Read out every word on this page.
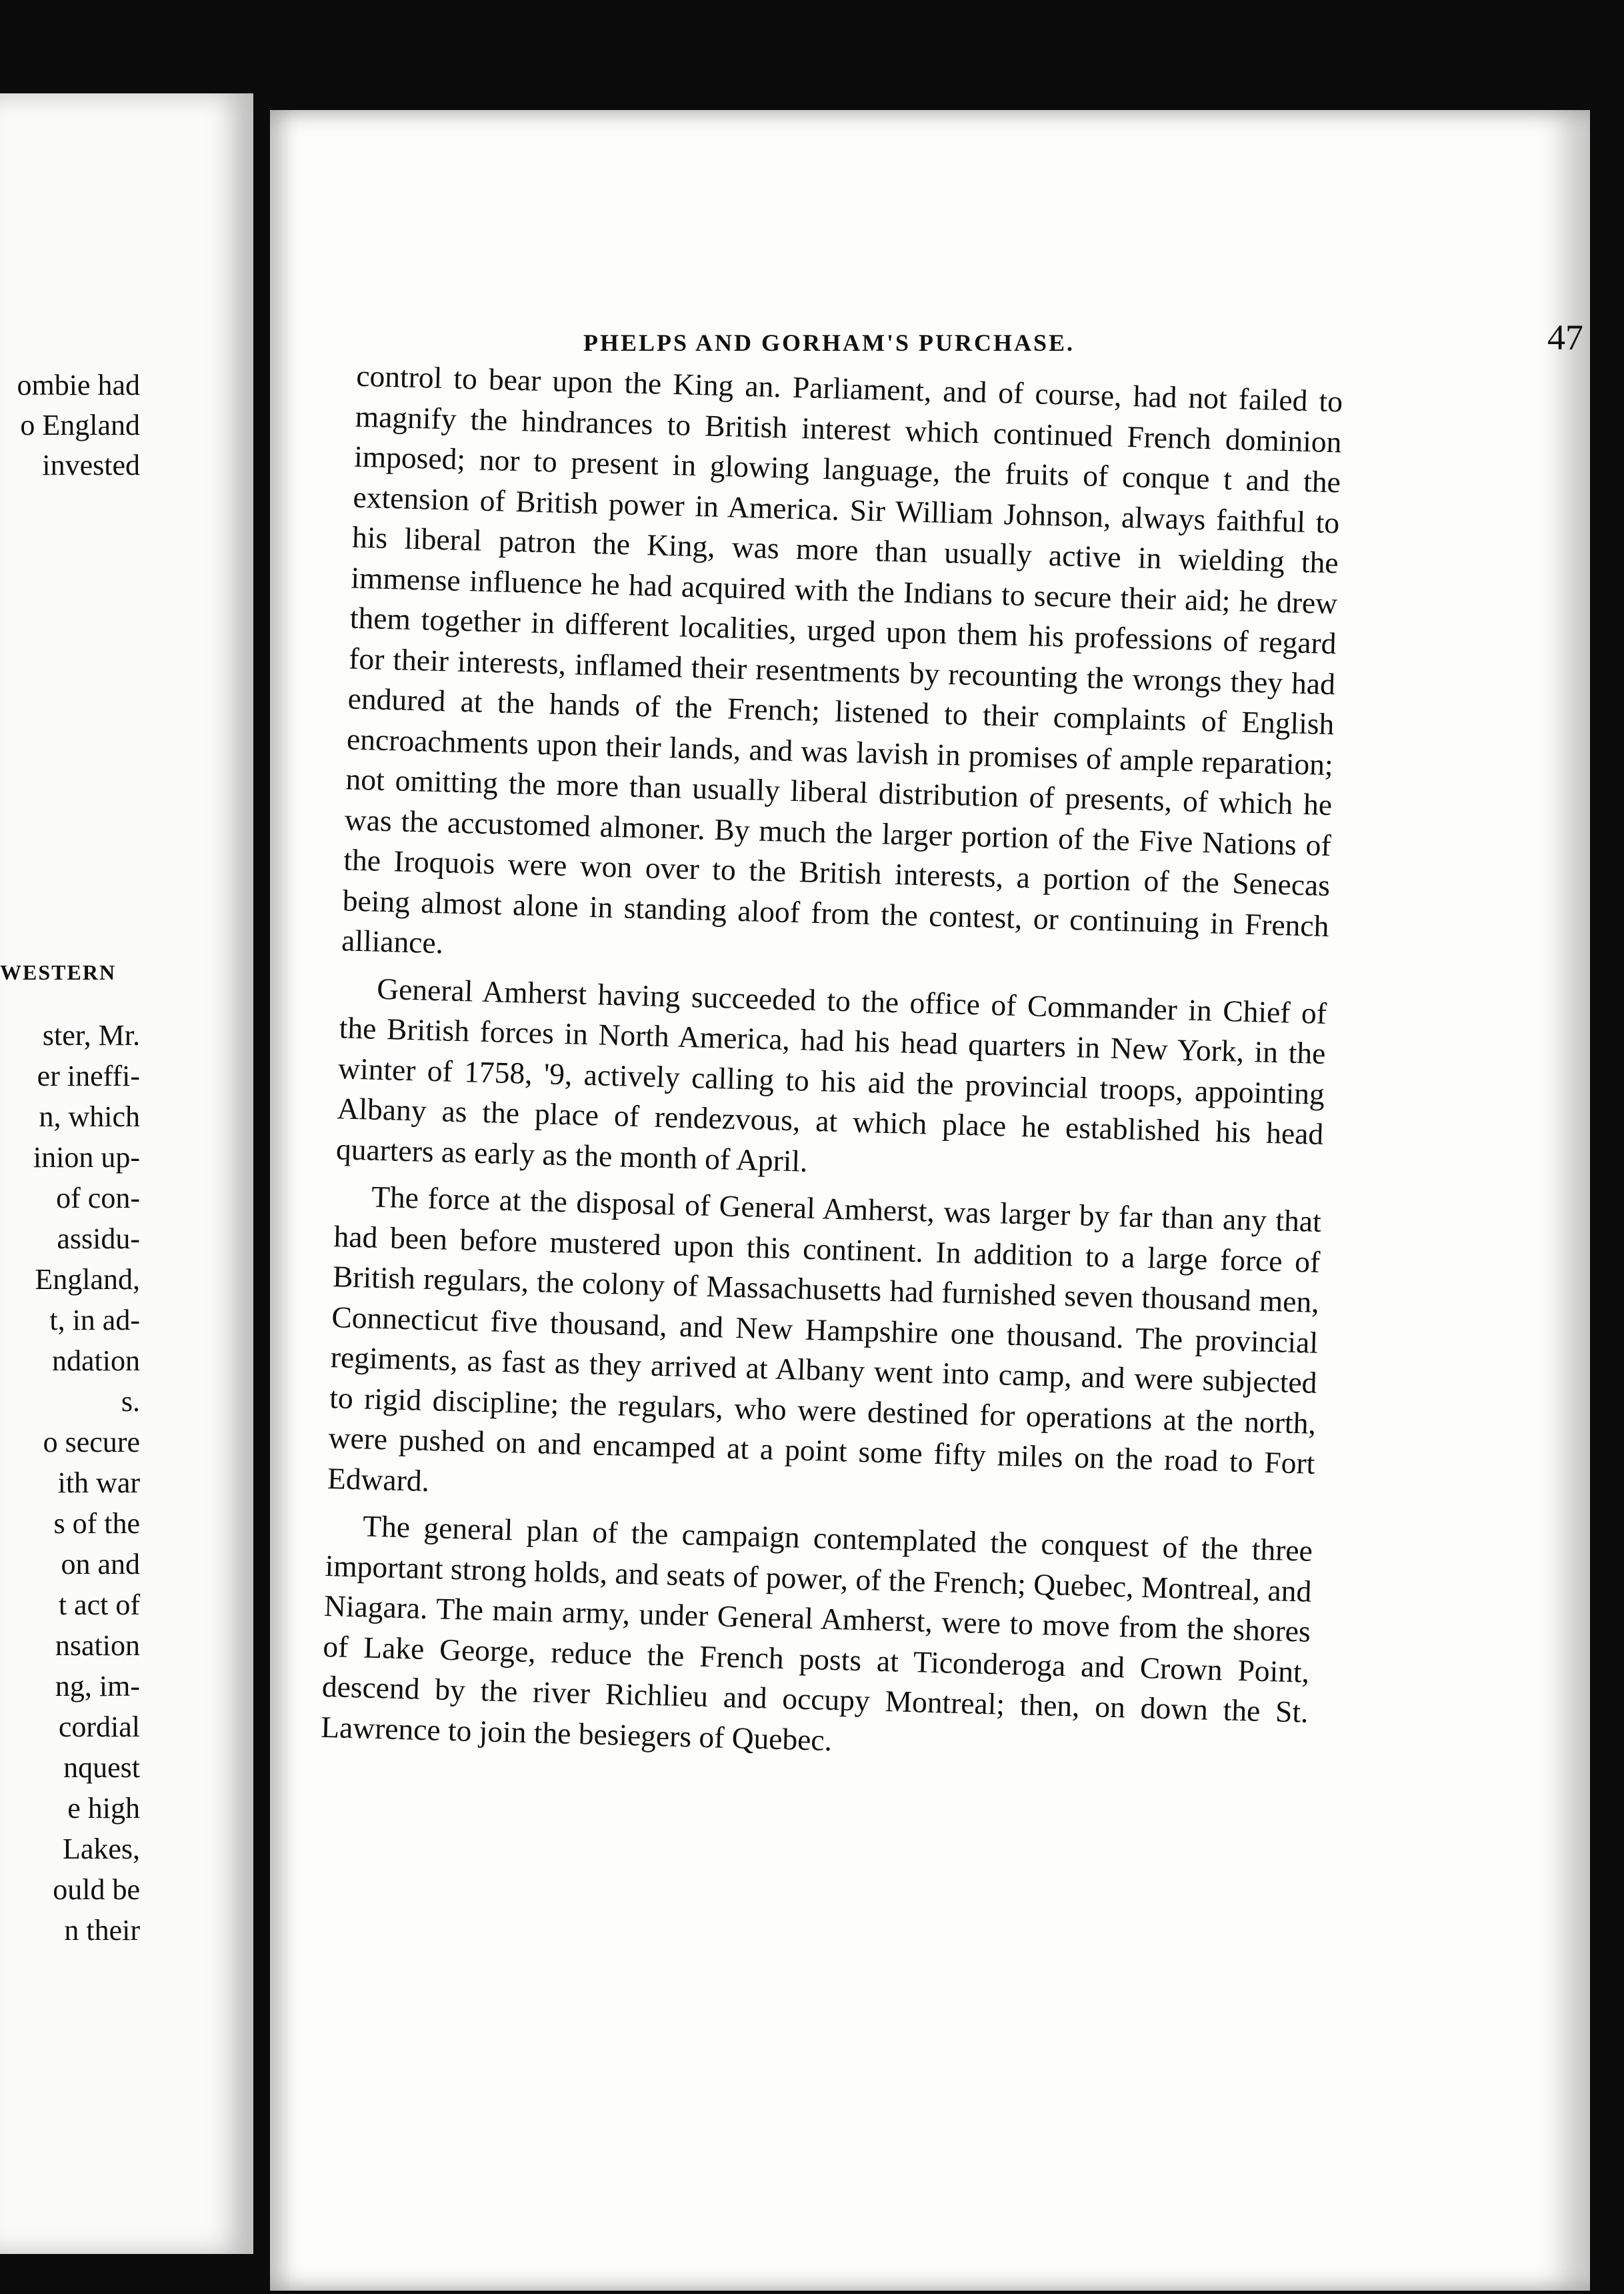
ombie had

o England

invested

WESTERN

ster, Mr.

er ineffi-

n, which

inion up-

of con-

assidu-

England,

t, in ad-

ndation

s.

o secure

ith war

s of the

on and

t act of

nsation

ng, im-

cordial

nquest

e high

Lakes,

ould be

n their

PHELPS AND GORHAM'S PURCHASE.	47

control to bear upon the King an. Parliament, and of course, had not failed to magnify the hindrances to British interest which continued French dominion imposed; nor to present in glowing language, the fruits of conque t and the extension of British power in America. Sir William Johnson, always faithful to his liberal patron the King, was more than usually active in wielding the immense influence he had acquired with the Indians to secure their aid; he drew them together in different localities, urged upon them his professions of regard for their interests, inflamed their resentments by recounting the wrongs they had endured at the hands of the French; listened to their complaints of English encroachments upon their lands, and was lavish in promises of ample reparation; not omitting the more than usually liberal distribution of presents, of which he was the accustomed almoner. By much the larger portion of the Five Nations of the Iroquois were won over to the British interests, a portion of the Senecas being almost alone in standing aloof from the contest, or continuing in French alliance.

General Amherst having succeeded to the office of Commander in Chief of the British forces in North America, had his head quarters in New York, in the winter of 1758, '9, actively calling to his aid the provincial troops, appointing Albany as the place of rendezvous, at which place he established his head quarters as early as the month of April.

The force at the disposal of General Amherst, was larger by far than any that had been before mustered upon this continent. In addition to a large force of British regulars, the colony of Massachusetts had furnished seven thousand men, Connecticut five thousand, and New Hampshire one thousand. The provincial regiments, as fast as they arrived at Albany went into camp, and were subjected to rigid discipline; the regulars, who were destined for operations at the north, were pushed on and encamped at a point some fifty miles on the road to Fort Edward.

The general plan of the campaign contemplated the conquest of the three important strong holds, and seats of power, of the French; Quebec, Montreal, and Niagara. The main army, under General Amherst, were to move from the shores of Lake George, reduce the French posts at Ticonderoga and Crown Point, descend by the river Richlieu and occupy Montreal; then, on down the St. Lawrence to join the besiegers of Quebec.
